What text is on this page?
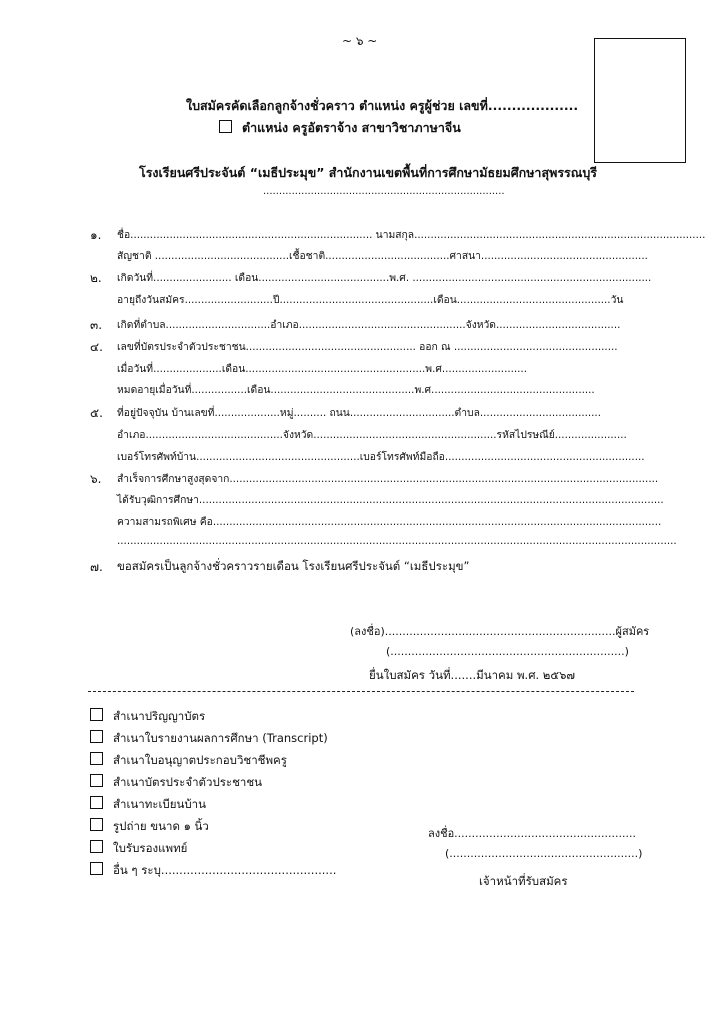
~ ๖ ~
ใบสมัครคัดเลือกลูกจ้างชั่วคราว ตำแหน่ง ครูผู้ช่วย เลขที่...................
ตำแหน่ง ครูอัตราจ้าง สาขาวิชาภาษาจีน
โรงเรียนศรีประจันต์ “เมธีประมุข” สำนักงานเขตพื้นที่การศึกษามัธยมศึกษาสุพรรณบุรี
............................................................................
๑. ชื่อ.......................................................................... นามสกุล.........................................................................................
สัญชาติ .........................................เชื้อชาติ......................................ศาสนา...................................................
๒. เกิดวันที่........................ เดือน........................................พ.ศ. .........................................................................
อายุถึงวันสมัคร...........................ปี...............................................เดือน...............................................วัน
๓. เกิดที่ตำบล................................อำเภอ...................................................จังหวัด......................................
๔. เลขที่บัตรประจำตัวประชาชน.................................................... ออก ณ ..................................................
เมื่อวันที่.....................เดือน.......................................................พ.ศ..........................
หมดอายุเมื่อวันที่.................เดือน............................................พ.ศ..................................................
๕. ที่อยู่ปัจจุบัน บ้านเลขที่....................หมู่.......... ถนน................................ตำบล.....................................
อำเภอ..........................................จังหวัด........................................................รหัสไปรษณีย์......................
เบอร์โทรศัพท์บ้าน..................................................เบอร์โทรศัพท์มือถือ.............................................................
๖. สำเร็จการศึกษาสูงสุดจาก...................................................................................................................................
ได้รับวุฒิการศึกษา..............................................................................................................................................
ความสามรถพิเศษ คือ.........................................................................................................................................
...........................................................................................................................................................................
๗. ขอสมัครเป็นลูกจ้างชั่วคราวรายเดือน โรงเรียนศรีประจันต์ “เมธีประมุข”
(ลงชื่อ)..................................................................ผู้สมัคร
(...................................................................)
ยื่นใบสมัคร วันที่.......มีนาคม พ.ศ. ๒๕๖๗
สำเนาปริญญาบัตร
สำเนาใบรายงานผลการศึกษา (Transcript)
สำเนาใบอนุญาตประกอบวิชาชีพครู
สำเนาบัตรประจำตัวประชาชน
สำเนาทะเบียนบ้าน
รูปถ่าย ขนาด ๑ นิ้ว
ใบรับรองแพทย์
อื่น ๆ ระบุ................................................
ลงชื่อ....................................................
(......................................................)
เจ้าหน้าที่รับสมัคร
